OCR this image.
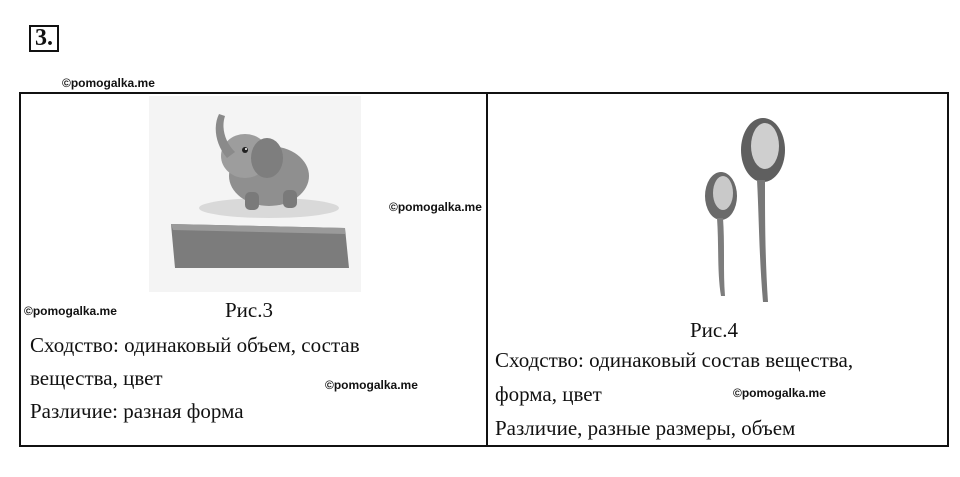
3.
©pomogalka.me
Рис.3
©pomogalka.me
Сходство: одинаковый объем, состав
вещества, цвет	©pomogalka.me
Различие: разная форма
©pomogalka.me
Рис.4
Сходство: одинаковый состав вещества,
форма, цвет	©pomogalka.me
Различие, разные размеры, объем
